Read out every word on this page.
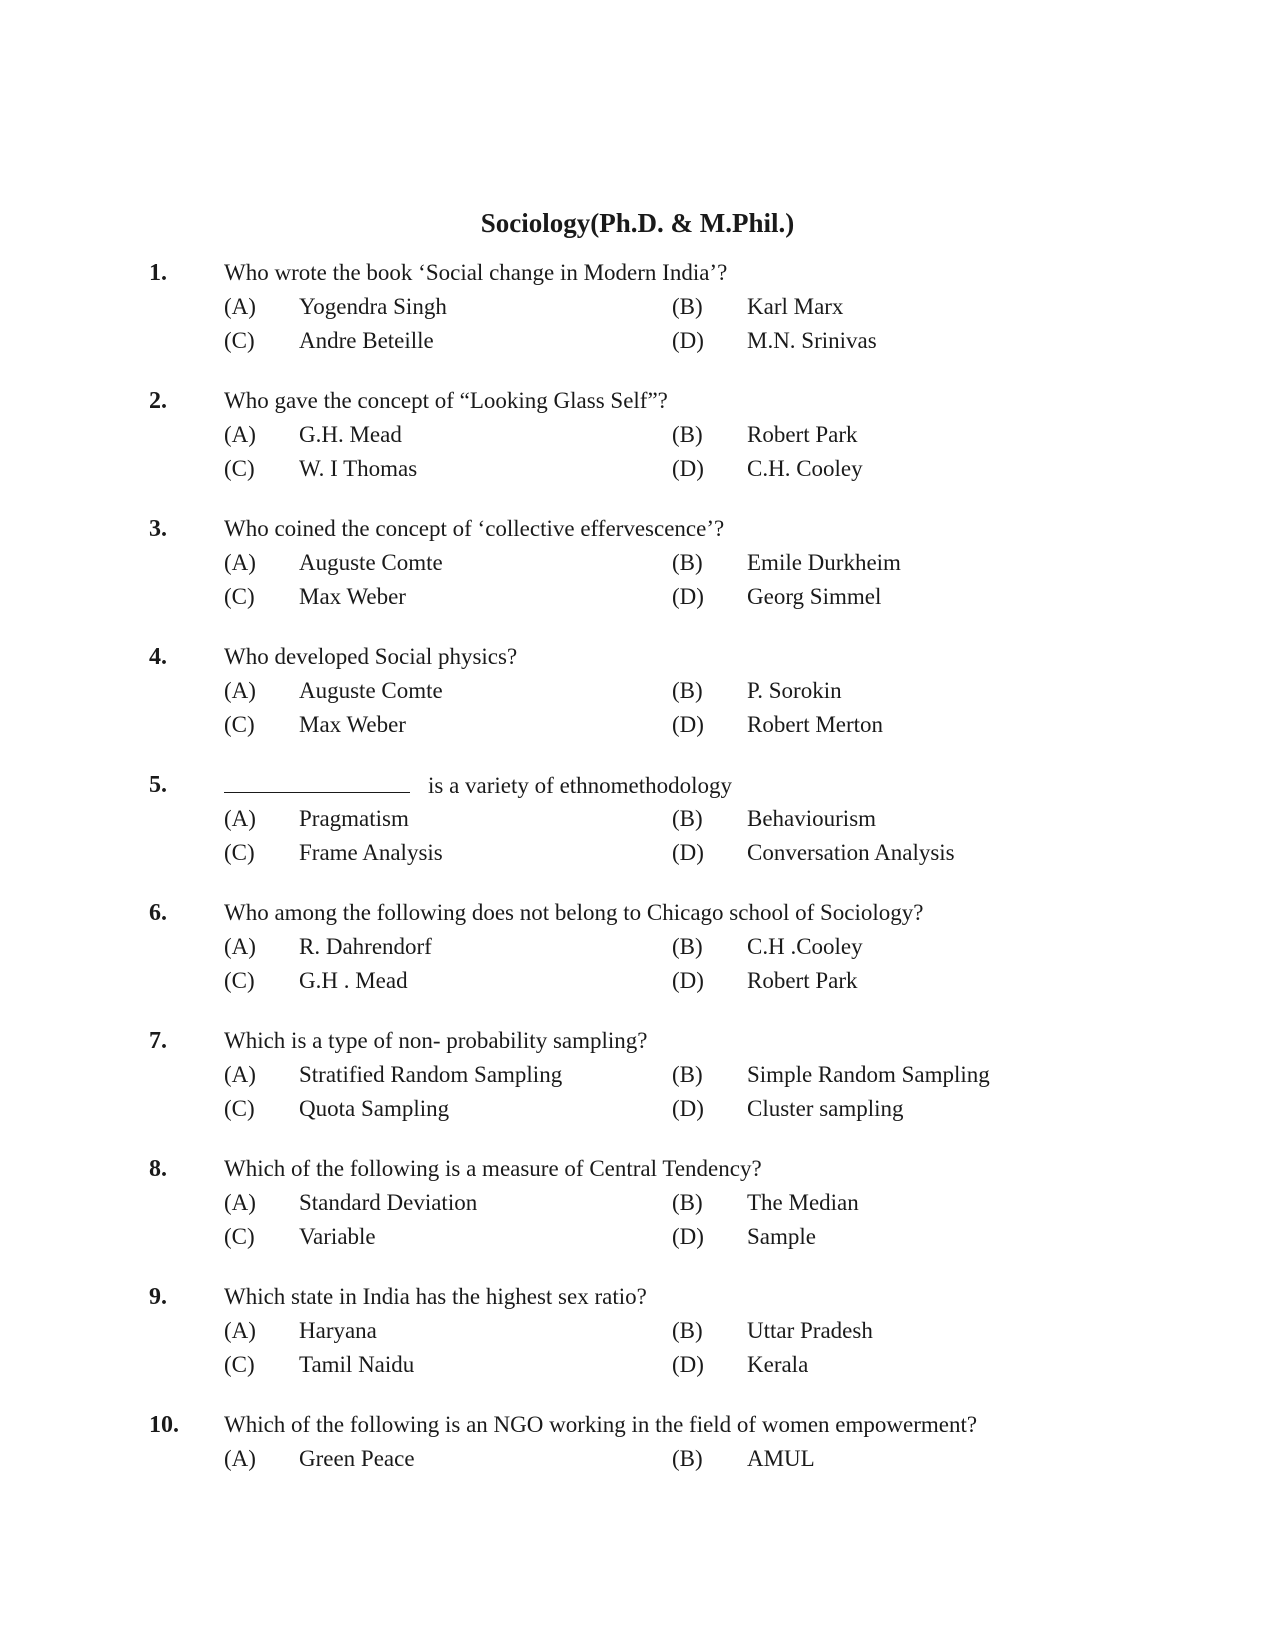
Sociology(Ph.D. & M.Phil.)
1. Who wrote the book ‘Social change in Modern India’?
(A) Yogendra Singh	(B) Karl Marx
(C) Andre Beteille	(D) M.N. Srinivas
2. Who gave the concept of “Looking Glass Self”?
(A) G.H. Mead	(B) Robert Park
(C) W. I Thomas	(D) C.H. Cooley
3. Who coined the concept of ‘collective effervescence’?
(A) Auguste Comte	(B) Emile Durkheim
(C) Max Weber	(D) Georg Simmel
4. Who developed Social physics?
(A) Auguste Comte	(B) P. Sorokin
(C) Max Weber	(D) Robert Merton
5.	is a variety of ethnomethodology
(A) Pragmatism	(B) Behaviourism
(C) Frame Analysis	(D) Conversation Analysis
6. Who among the following does not belong to Chicago school of Sociology?
(A) R. Dahrendorf	(B) C.H .Cooley
(C) G.H . Mead	(D) Robert Park
7. Which is a type of non- probability sampling?
(A) Stratified Random Sampling	(B) Simple Random Sampling
(C) Quota Sampling	(D) Cluster sampling
8. Which of the following is a measure of Central Tendency?
(A) Standard Deviation	(B) The Median
(C) Variable	(D) Sample
9. Which state in India has the highest sex ratio?
(A) Haryana	(B) Uttar Pradesh
(C) Tamil Naidu	(D) Kerala
10. Which of the following is an NGO working in the field of women empowerment?
(A) Green Peace	(B) AMUL
